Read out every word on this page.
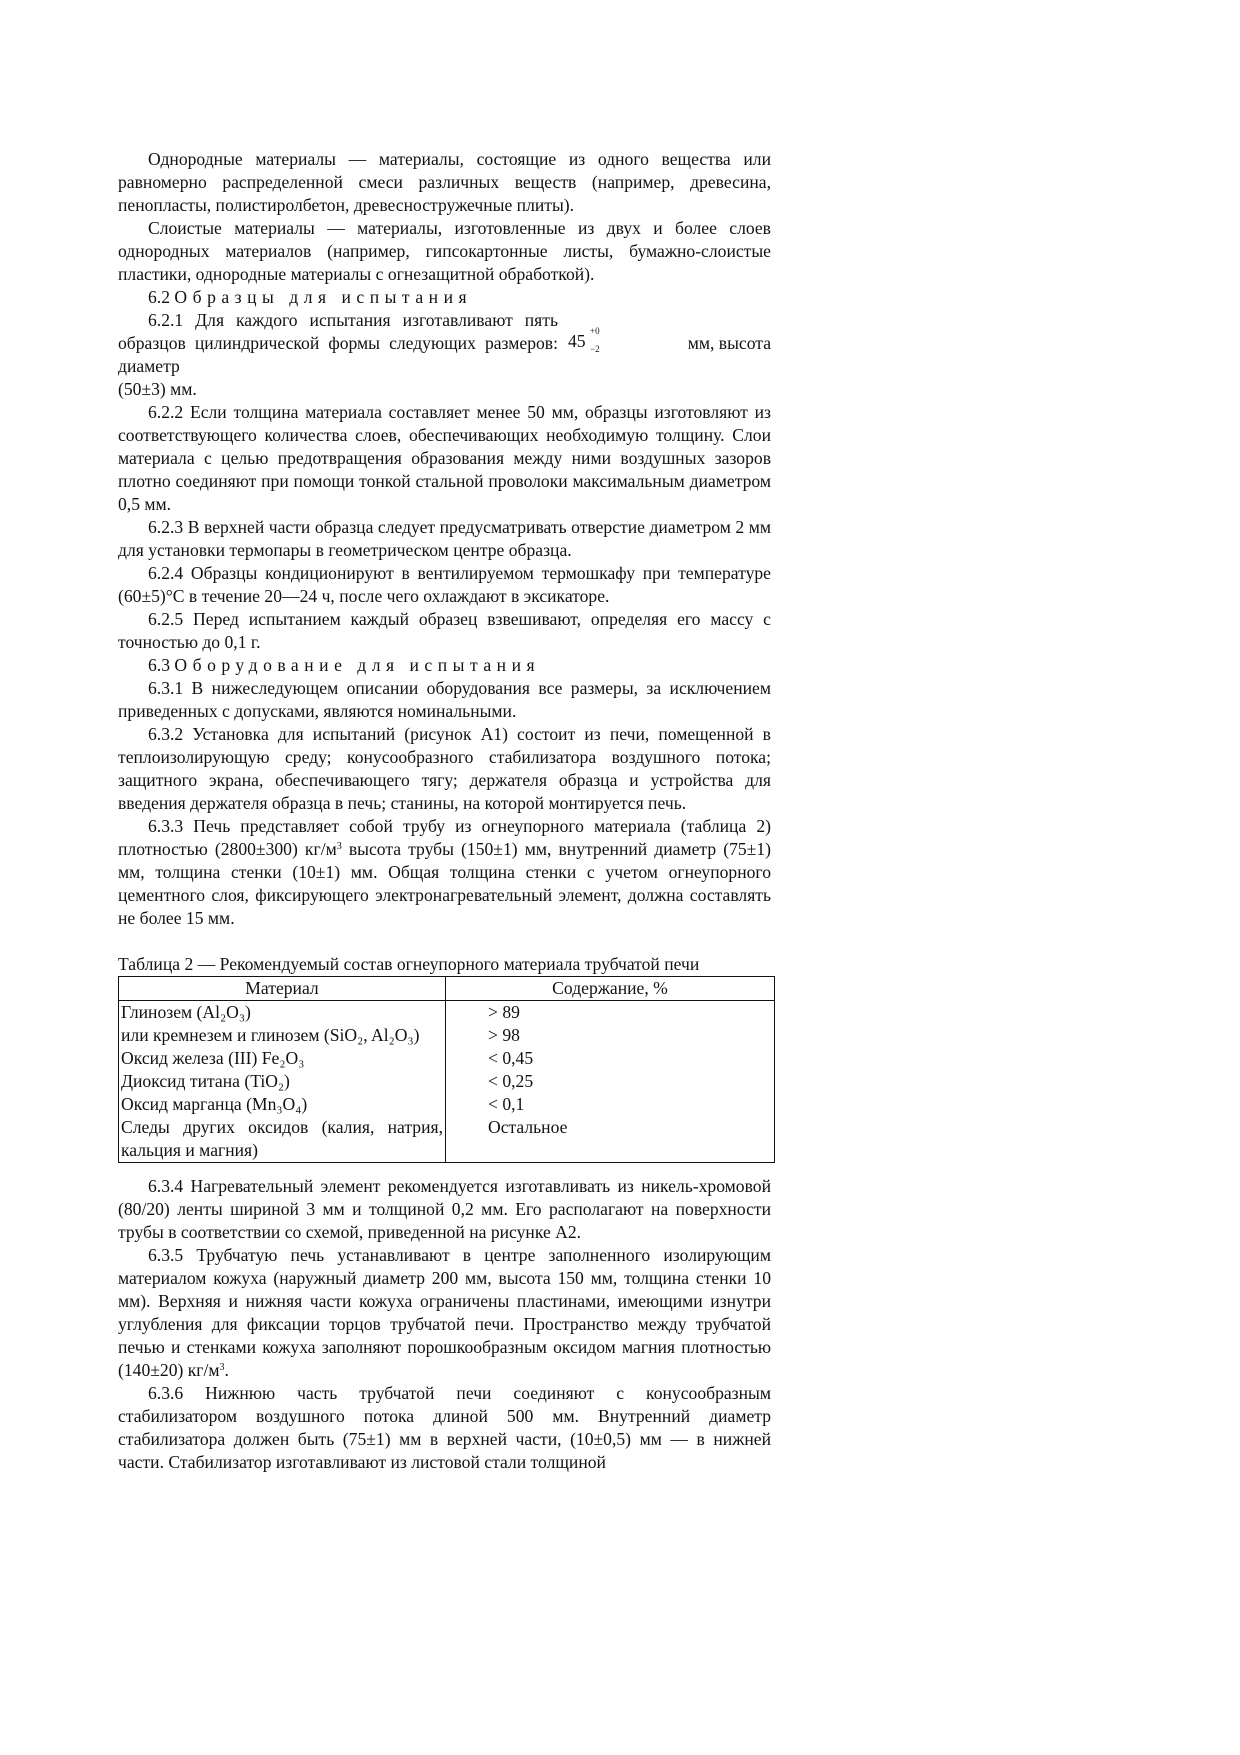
Однородные материалы — материалы, состоящие из одного вещества или равномерно распределенной смеси различных веществ (например, древесина, пенопласты, полистиролбетон, древесностружечные плиты).

Слоистые материалы — материалы, изготовленные из двух и более слоев однородных материалов (например, гипсокартонные листы, бумажно-слоистые пластики, однородные материалы с огнезащитной обработкой).

6.2 Образцы для испытания

6.2.1 Для каждого испытания изготавливают пять образцов цилиндрической формы следующих размеров: диаметр

45 +0
−2	мм, высота

(50±3) мм.

6.2.2 Если толщина материала составляет менее 50 мм, образцы изготовляют из соответствующего количества слоев, обеспечивающих необходимую толщину. Слои материала с целью предотвращения образования между ними воздушных зазоров плотно соединяют при помощи тонкой стальной проволоки максимальным диаметром 0,5 мм.

6.2.3 В верхней части образца следует предусматривать отверстие диаметром 2 мм для установки термопары в геометрическом центре образца.

6.2.4 Образцы кондиционируют в вентилируемом термошкафу при температуре (60±5)°С в течение 20—24 ч, после чего охлаждают в эксикаторе.

6.2.5 Перед испытанием каждый образец взвешивают, определяя его массу с точностью до 0,1 г.

6.3 Оборудование для испытания

6.3.1 В нижеследующем описании оборудования все размеры, за исключением приведенных с допусками, являются номинальными.

6.3.2 Установка для испытаний (рисунок А1) состоит из печи, помещенной в теплоизолирующую среду; конусообразного стабилизатора воздушного потока; защитного экрана, обеспечивающего тягу; держателя образца и устройства для введения держателя образца в печь; станины, на которой монтируется печь.

6.3.3 Печь представляет собой трубу из огнеупорного материала (таблица 2) плотностью (2800±300) $кг/м^3$ высота трубы (150±1) мм, внутренний диаметр (75±1) мм, толщина стенки (10±1) мм. Общая толщина стенки с учетом огнеупорного цементного слоя, фиксирующего электронагревательный элемент, должна составлять не более 15 мм.

Таблица 2 — Рекомендуемый состав огнеупорного материала трубчатой печи

Материал	Содержание, %
Глинозем (Al₂O₃)	> 89
или кремнезем и глинозем (SiO₂, Al₂O₃)	> 98
Оксид железа (III) Fe₂O₃	< 0,45
Диоксид титана (TiO₂)	< 0,25
Оксид марганца (Mn₃O₄)	< 0,1
Следы других оксидов (калия, натрия, кальция и магния)	Остальное

6.3.4 Нагревательный элемент рекомендуется изготавливать из никель-хромовой (80/20) ленты шириной 3 мм и толщиной 0,2 мм. Его располагают на поверхности трубы в соответствии со схемой, приведенной на рисунке А2.

6.3.5 Трубчатую печь устанавливают в центре заполненного изолирующим материалом кожуха (наружный диаметр 200 мм, высота 150 мм, толщина стенки 10 мм). Верхняя и нижняя части кожуха ограничены пластинами, имеющими изнутри углубления для фиксации торцов трубчатой печи. Пространство между трубчатой печью и стенками кожуха заполняют порошкообразным оксидом магния плотностью (140±20) $кг/м^3$.

6.3.6 Нижнюю часть трубчатой печи соединяют с конусообразным стабилизатором воздушного потока длиной 500 мм. Внутренний диаметр стабилизатора должен быть (75±1) мм в верхней части, (10±0,5) мм — в нижней части. Стабилизатор изготавливают из листовой стали толщиной
